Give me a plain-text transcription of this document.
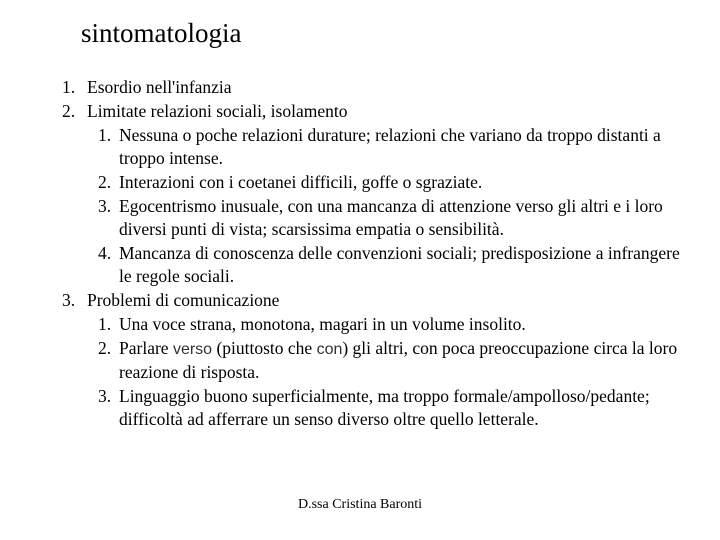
sintomatologia
1. Esordio nell'infanzia
2. Limitate relazioni sociali, isolamento
1. Nessuna o poche relazioni durature; relazioni che variano da troppo distanti a troppo intense.
2. Interazioni con i coetanei difficili, goffe o sgraziate.
3. Egocentrismo inusuale, con una mancanza di attenzione verso gli altri e i loro diversi punti di vista; scarsissima empatia o sensibilità.
4. Mancanza di conoscenza delle convenzioni sociali; predisposizione a infrangere le regole sociali.
3. Problemi di comunicazione
1. Una voce strana, monotona, magari in un volume insolito.
2. Parlare verso (piuttosto che con) gli altri, con poca preoccupazione circa la loro reazione di risposta.
3. Linguaggio buono superficialmente, ma troppo formale/ampolloso/pedante; difficoltà ad afferrare un senso diverso oltre quello letterale.
D.ssa Cristina Baronti
